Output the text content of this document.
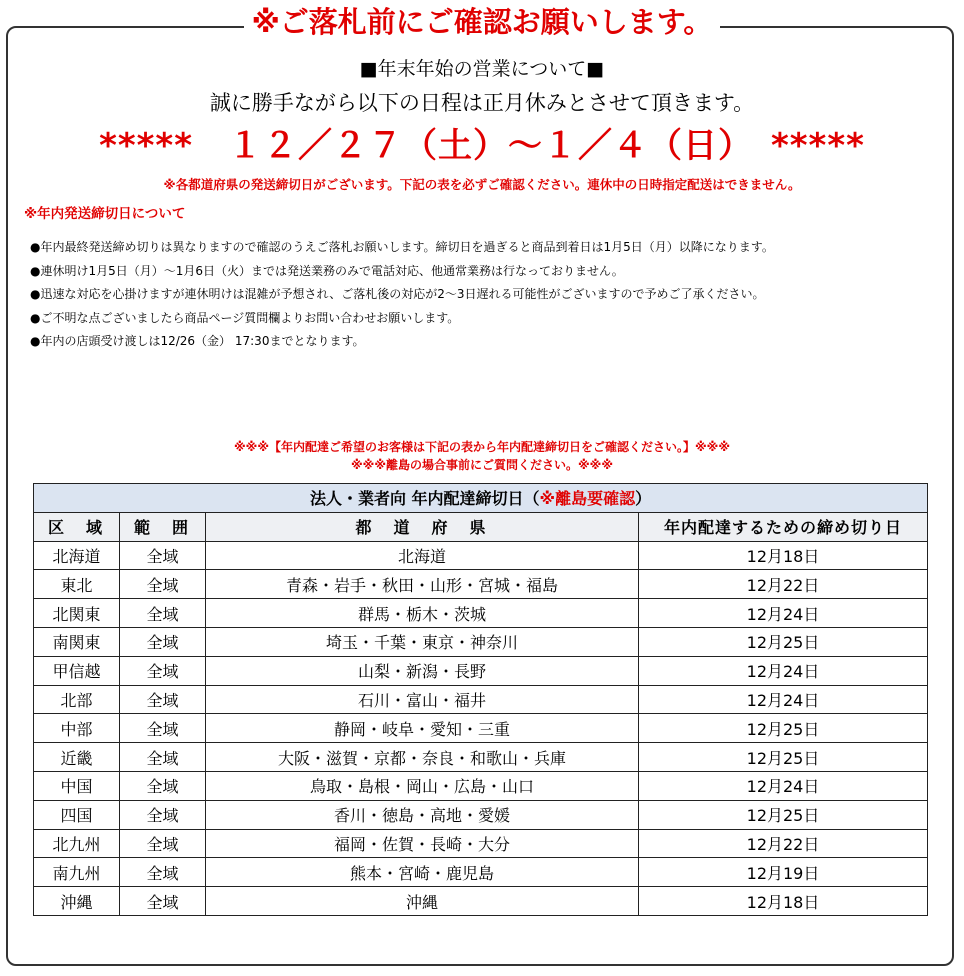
※ご落札前にご確認お願いします。
■年末年始の営業について■
誠に勝手ながら以下の日程は正月休みとさせて頂きます。
*****　１２／２７（土）～１／４（日）　*****
※各都道府県の発送締切日がございます。下記の表を必ずご確認ください。連休中の日時指定配送はできません。
※年内発送締切日について
●年内最終発送締め切りは異なりますので確認のうえご落札お願いします。締切日を過ぎると商品到着日は1月5日（月）以降になります。
●連休明け1月5日（月）～1月6日（火）までは発送業務のみで電話対応、他通常業務は行なっておりません。
●迅速な対応を心掛けますが連休明けは混雑が予想され、ご落札後の対応が2～3日遅れる可能性がございますので予めご了承ください。
●ご不明な点ございましたら商品ページ質問欄よりお問い合わせお願いします。
●年内の店頭受け渡しは12/26（金） 17:30までとなります。
※※※【年内配達ご希望のお客様は下記の表から年内配達締切日をご確認ください。】※※※
※※※離島の場合事前にご質問ください。※※※
法人・業者向 年内配達締切日（※離島要確認）			
区　域	範　囲	都　道　府　県	年内配達するための締め切り日
北海道	全域	北海道	12月18日
東北	全域	青森・岩手・秋田・山形・宮城・福島	12月22日
北関東	全域	群馬・栃木・茨城	12月24日
南関東	全域	埼玉・千葉・東京・神奈川	12月25日
甲信越	全域	山梨・新潟・長野	12月24日
北部	全域	石川・富山・福井	12月24日
中部	全域	静岡・岐阜・愛知・三重	12月25日
近畿	全域	大阪・滋賀・京都・奈良・和歌山・兵庫	12月25日
中国	全域	鳥取・島根・岡山・広島・山口	12月24日
四国	全域	香川・徳島・高地・愛媛	12月25日
北九州	全域	福岡・佐賀・長崎・大分	12月22日
南九州	全域	熊本・宮崎・鹿児島	12月19日
沖縄	全域	沖縄	12月18日
